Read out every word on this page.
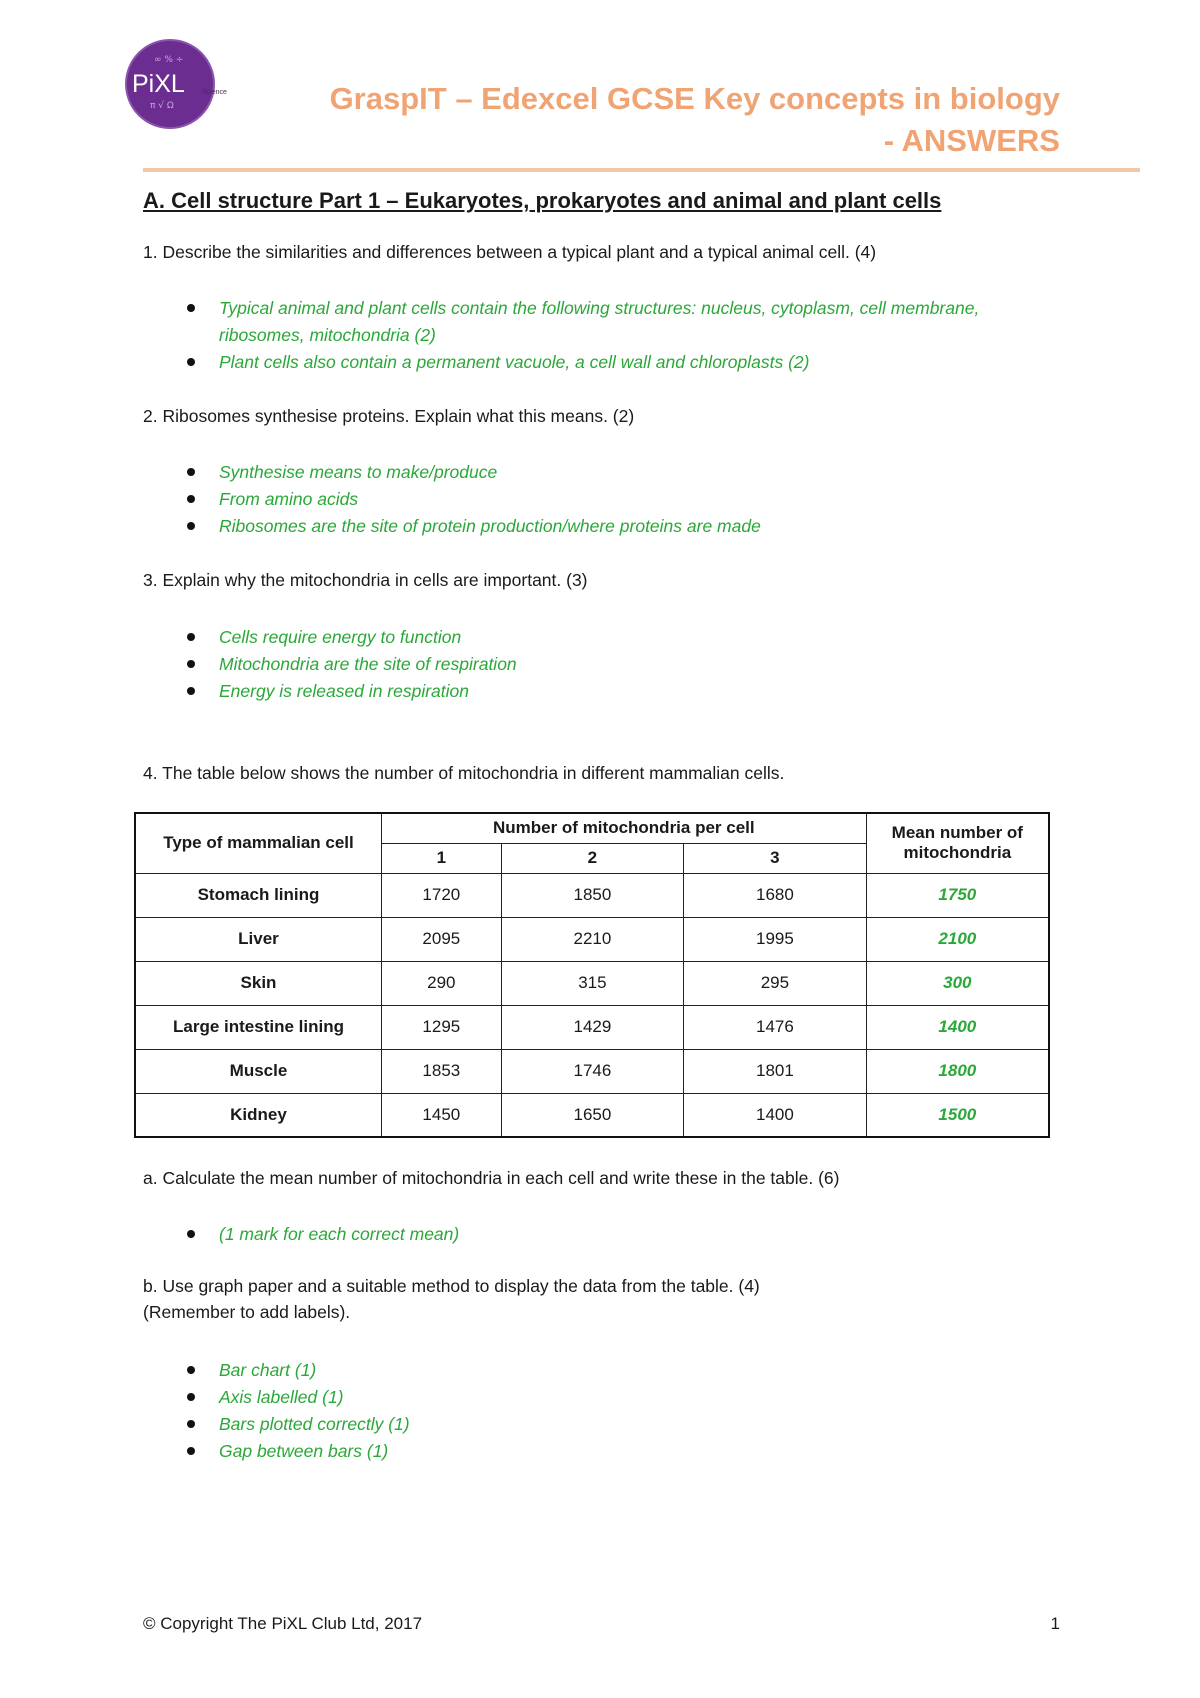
∞ % ÷
π √ Ω
PiXL Science	GraspIT – Edexcel GCSE Key concepts in biology
- ANSWERS
A. Cell structure Part 1 – Eukaryotes, prokaryotes and animal and plant cells
1. Describe the similarities and differences between a typical plant and a typical animal cell. (4)
Typical animal and plant cells contain the following structures: nucleus, cytoplasm, cell membrane, ribosomes, mitochondria (2)
Plant cells also contain a permanent vacuole, a cell wall and chloroplasts (2)
2. Ribosomes synthesise proteins. Explain what this means. (2)
Synthesise means to make/produce
From amino acids
Ribosomes are the site of protein production/where proteins are made
3. Explain why the mitochondria in cells are important. (3)
Cells require energy to function
Mitochondria are the site of respiration
Energy is released in respiration
4. The table below shows the number of mitochondria in different mammalian cells.
Type of mammalian cell	Number of mitochondria per cell			Mean number of mitochondria
	1	2	3	
Stomach lining	1720	1850	1680	1750
Liver	2095	2210	1995	2100
Skin	290	315	295	300
Large intestine lining	1295	1429	1476	1400
Muscle	1853	1746	1801	1800
Kidney	1450	1650	1400	1500
a. Calculate the mean number of mitochondria in each cell and write these in the table. (6)
(1 mark for each correct mean)
b. Use graph paper and a suitable method to display the data from the table. (4)
(Remember to add labels).
Bar chart (1)
Axis labelled (1)
Bars plotted correctly (1)
Gap between bars (1)
© Copyright The PiXL Club Ltd, 2017	1
